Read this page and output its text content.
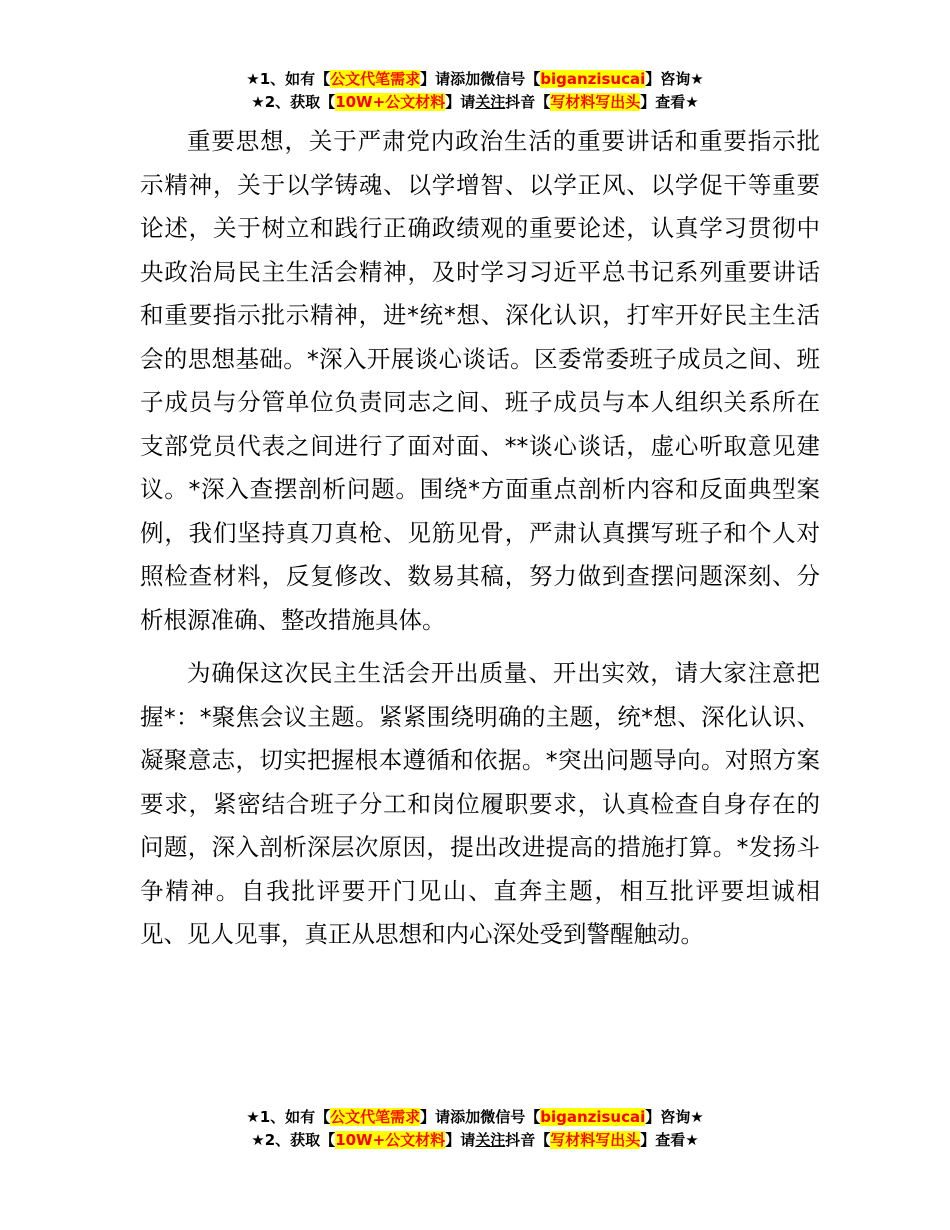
★1、如有【公文代笔需求】请添加微信号【biganzisucai】咨询★
★2、获取【10W+公文材料】请关注抖音【写材料写出头】查看★

重要思想，关于严肃党内政治生活的重要讲话和重要指示批示精神，关于以学铸魂、以学增智、以学正风、以学促干等重要论述，关于树立和践行正确政绩观的重要论述，认真学习贯彻中央政治局民主生活会精神，及时学习习近平总书记系列重要讲话和重要指示批示精神，进*统*想、深化认识，打牢开好民主生活会的思想基础。*深入开展谈心谈话。区委常委班子成员之间、班子成员与分管单位负责同志之间、班子成员与本人组织关系所在支部党员代表之间进行了面对面、**谈心谈话，虚心听取意见建议。*深入查摆剖析问题。围绕*方面重点剖析内容和反面典型案例，我们坚持真刀真枪、见筋见骨，严肃认真撰写班子和个人对照检查材料，反复修改、数易其稿，努力做到查摆问题深刻、分析根源准确、整改措施具体。

为确保这次民主生活会开出质量、开出实效，请大家注意把握*：*聚焦会议主题。紧紧围绕明确的主题，统*想、深化认识、凝聚意志，切实把握根本遵循和依据。*突出问题导向。对照方案要求，紧密结合班子分工和岗位履职要求，认真检查自身存在的问题，深入剖析深层次原因，提出改进提高的措施打算。*发扬斗争精神。自我批评要开门见山、直奔主题，相互批评要坦诚相见、见人见事，真正从思想和内心深处受到警醒触动。

★1、如有【公文代笔需求】请添加微信号【biganzisucai】咨询★
★2、获取【10W+公文材料】请关注抖音【写材料写出头】查看★
